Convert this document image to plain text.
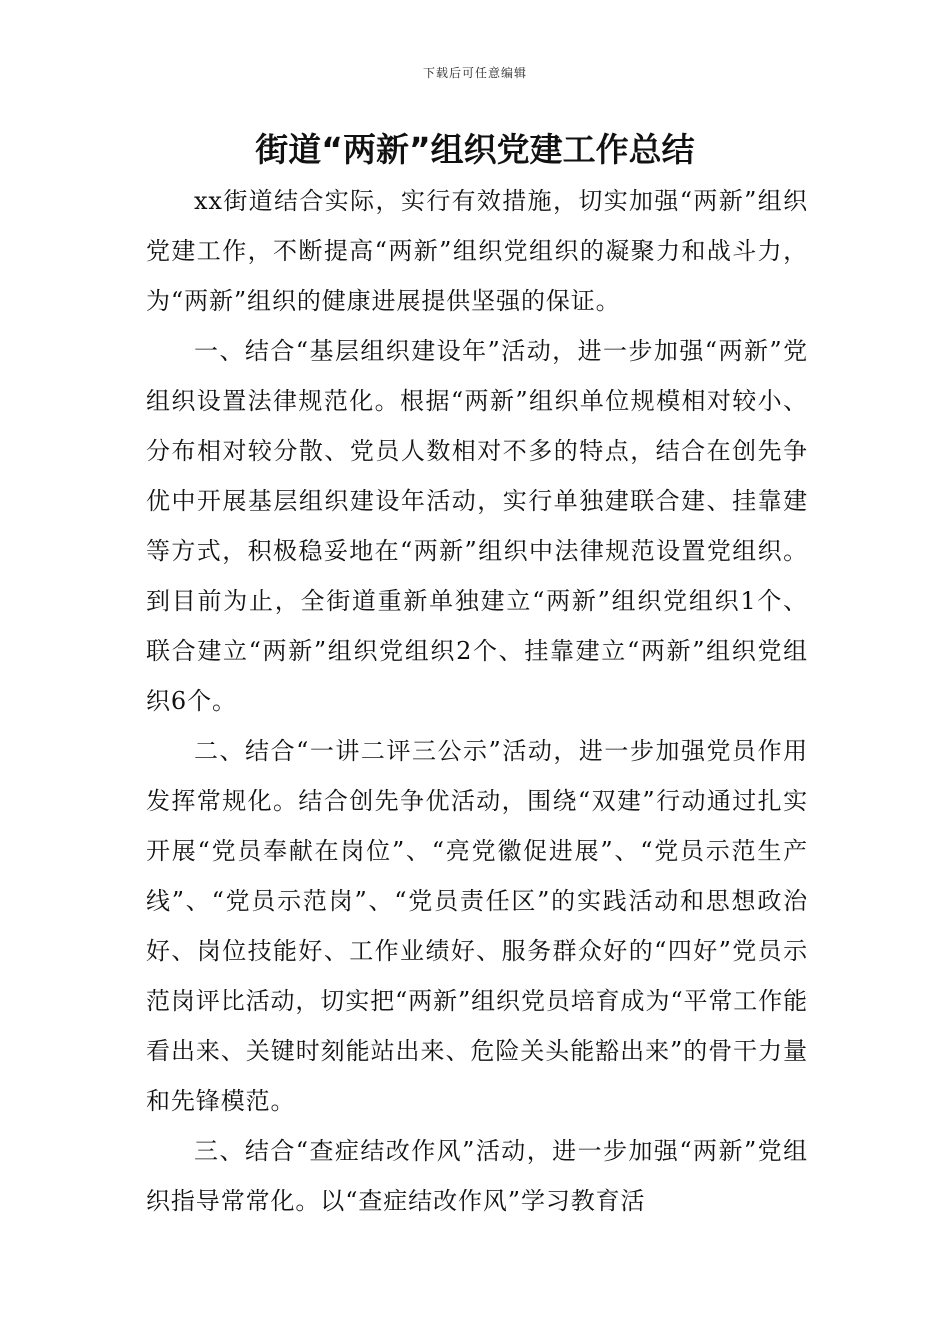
下载后可任意编辑
街道“两新”组织党建工作总结

xx街道结合实际，实行有效措施，切实加强“两新”组织党建工作，不断提高“两新”组织党组织的凝聚力和战斗力，为“两新”组织的健康进展提供坚强的保证。

一、结合“基层组织建设年”活动，进一步加强“两新”党组织设置法律规范化。根据“两新”组织单位规模相对较小、分布相对较分散、党员人数相对不多的特点，结合在创先争优中开展基层组织建设年活动，实行单独建联合建、挂靠建等方式，积极稳妥地在“两新”组织中法律规范设置党组织。到目前为止，全街道重新单独建立“两新”组织党组织1个、联合建立“两新”组织党组织2个、挂靠建立“两新”组织党组织6个。

二、结合“一讲二评三公示”活动，进一步加强党员作用发挥常规化。结合创先争优活动，围绕“双建”行动通过扎实开展“党员奉献在岗位”、“亮党徽促进展”、“党员示范生产线”、“党员示范岗”、“党员责任区”的实践活动和思想政治好、岗位技能好、工作业绩好、服务群众好的“四好”党员示范岗评比活动，切实把“两新”组织党员培育成为“平常工作能看出来、关键时刻能站出来、危险关头能豁出来”的骨干力量和先锋模范。

三、结合“查症结改作风”活动，进一步加强“两新”党组织指导常常化。以“查症结改作风”学习教育活
